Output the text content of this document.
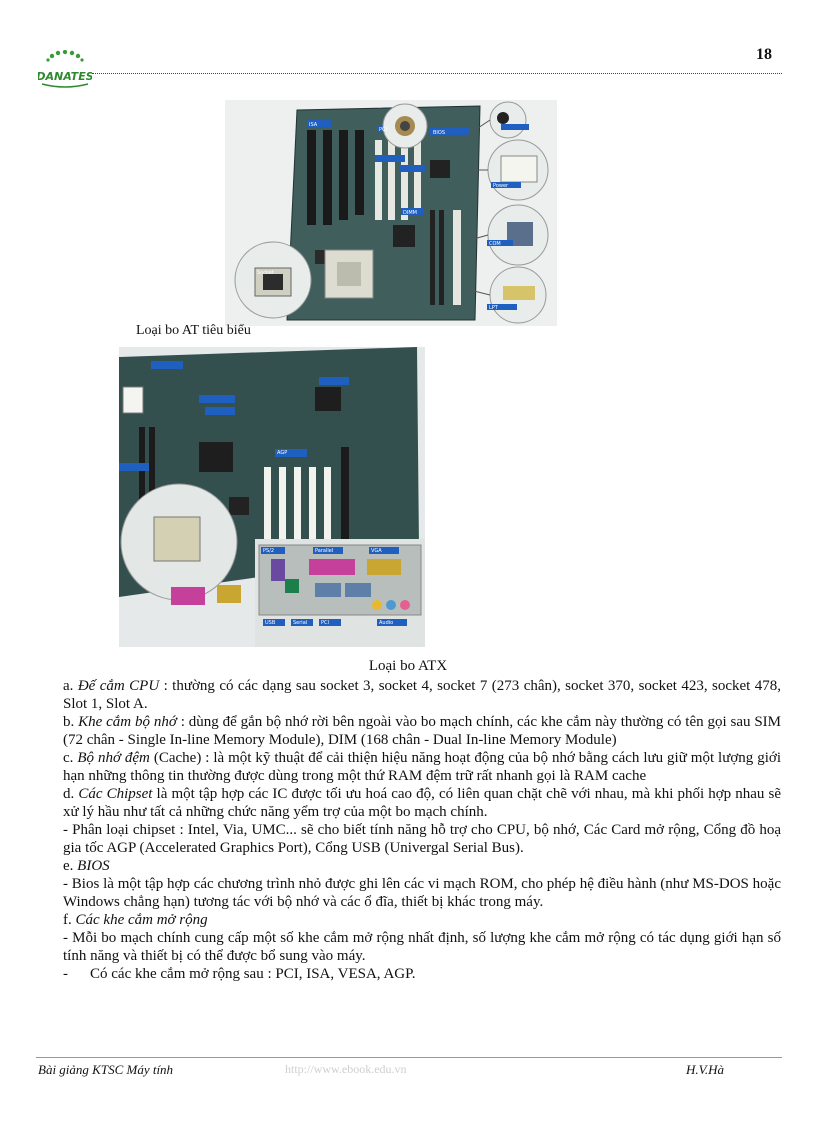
DANATES
18
ISA
PCI
DIMM
BIOS
Socket
COM
LPT
Power
Loại bo AT tiêu biểu
PS/2	Parallel
USB	Serial
VGA
Audio
AGP
PCI
Loại bo ATX

a. Đế cắm CPU : thường có các dạng sau socket 3, socket 4, socket 7 (273 chân), socket 370, socket 423, socket 478, Slot 1, Slot A.

b. Khe cắm bộ nhớ : dùng để gắn bộ nhớ rời bên ngoài vào bo mạch chính, các khe cắm này thường có tên gọi sau SIM (72 chân - Single In-line Memory Module), DIM (168 chân - Dual In-line Memory Module)

c. Bộ nhớ đệm (Cache) : là một kỹ thuật để cải thiện hiệu năng hoạt động của bộ nhớ bằng cách lưu giữ một lượng giới hạn những thông tin thường được dùng trong một thứ RAM đệm trữ rất nhanh gọi là RAM cache

d. Các Chipset là một tập hợp các IC được tối ưu hoá cao độ, có liên quan chặt chẽ với nhau, mà khi phối hợp nhau sẽ xử lý hầu như tất cả những chức năng yểm trợ của một bo mạch chính.

- Phân loại chipset : Intel, Via, UMC... sẽ cho biết tính năng hỗ trợ cho CPU, bộ nhớ, Các Card mở rộng, Cổng đồ hoạ gia tốc AGP (Accelerated Graphics Port), Cổng USB (Univergal Serial Bus).

e. BIOS

- Bios là một tập hợp các chương trình nhỏ được ghi lên các vi mạch ROM, cho phép hệ điều hành (như MS-DOS hoặc Windows chẳng hạn) tương tác với bộ nhớ và các ổ đĩa, thiết bị khác trong máy.

f. Các khe cắm mở rộng

- Mỗi bo mạch chính cung cấp một số khe cắm mở rộng nhất định, số lượng khe cắm mở rộng có tác dụng giới hạn số tính năng và thiết bị có thể được bổ sung vào máy.

-	Có các khe cắm mở rộng sau : PCI, ISA, VESA, AGP.
Bài giảng KTSC Máy tính	http://www.ebook.edu.vn	H.V.Hà
